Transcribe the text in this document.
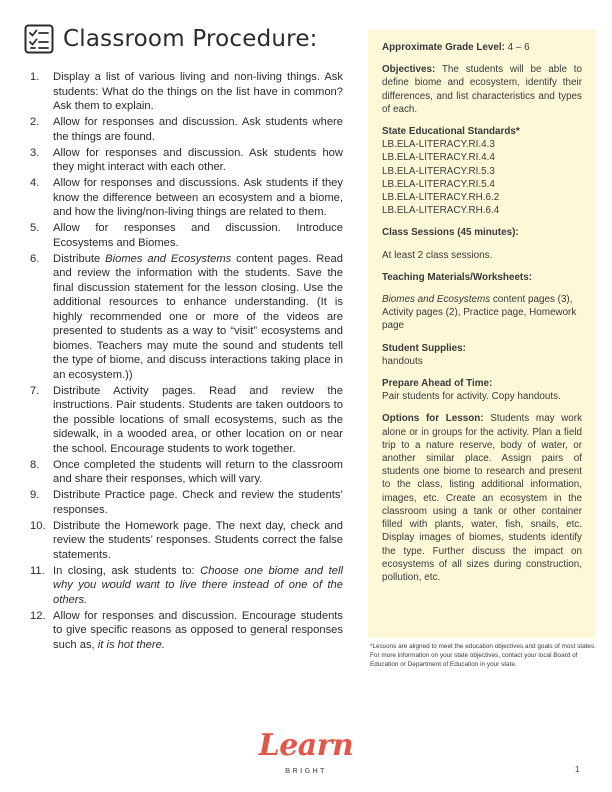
Classroom Procedure:
1.	Display a list of various living and non-living things. Ask students: What do the things on the list have in common? Ask them to explain.
2.	Allow for responses and discussion. Ask students where the things are found.
3.	Allow for responses and discussion. Ask students how they might interact with each other.
4.	Allow for responses and discussions. Ask students if they know the difference between an ecosystem and a biome, and how the living/non-living things are related to them.
5.	Allow for responses and discussion. Introduce Ecosystems and Biomes.
6.	Distribute Biomes and Ecosystems content pages. Read and review the information with the students. Save the final discussion statement for the lesson closing. Use the additional resources to enhance understanding. (It is highly recommended one or more of the videos are presented to students as a way to “visit” ecosystems and biomes. Teachers may mute the sound and students tell the type of biome, and discuss interactions taking place in an ecosystem.))
7.	Distribute Activity pages. Read and review the instructions. Pair students. Students are taken outdoors to the possible locations of small ecosystems, such as the sidewalk, in a wooded area, or other location on or near the school. Encourage students to work together.
8.	Once completed the students will return to the classroom and share their responses, which will vary.
9.	Distribute Practice page. Check and review the students’ responses.
10. Distribute the Homework page. The next day, check and review the students’ responses. Students correct the false statements.
11. In closing, ask students to: Choose one biome and tell why you would want to live there instead of one of the others.
12. Allow for responses and discussion. Encourage students to give specific reasons as opposed to general responses such as, it is hot there.

Approximate Grade Level: 4 – 6

Objectives: The students will be able to define biome and ecosystem, identify their differences, and list characteristics and types of each.

State Educational Standards*

LB.ELA-LITERACY.RI.4.3
LB.ELA-LITERACY.RI.4.4
LB.ELA-LITERACY.RI.5.3
LB.ELA-LITERACY.RI.5.4
LB.ELA-LITERACY.RH.6.2
LB.ELA-LITERACY.RH.6.4

Class Sessions (45 minutes):

At least 2 class sessions.

Teaching Materials/Worksheets:

Biomes and Ecosystems content pages (3), Activity pages (2), Practice page, Homework page

Student Supplies:

handouts

Prepare Ahead of Time:

Pair students for activity. Copy handouts.

Options for Lesson: Students may work alone or in groups for the activity. Plan a field trip to a nature reserve, body of water, or another similar place. Assign pairs of students one biome to research and present to the class, listing additional information, images, etc. Create an ecosystem in the classroom using a tank or other container filled with plants, water, fish, snails, etc. Display images of biomes, students identify the type. Further discuss the impact on ecosystems of all sizes during construction, pollution, etc.

*Lessons are aligned to meet the education objectives and goals of most states. For more information on your state objectives, contact your local Board of Education or Department of Education in your state.

Learn
BRIGHT	1
